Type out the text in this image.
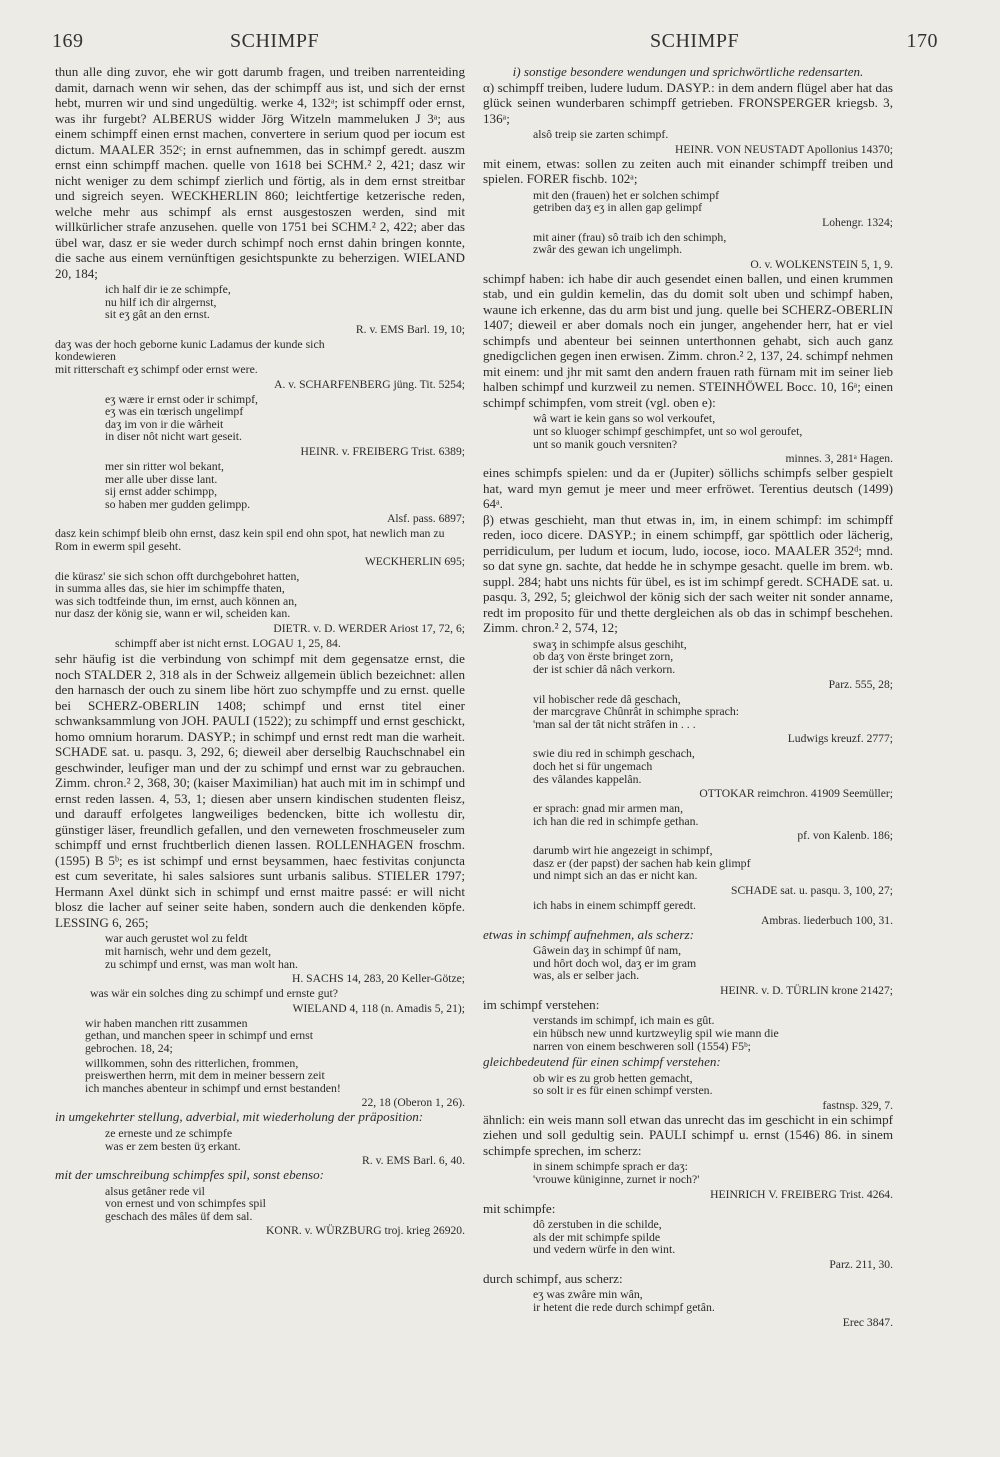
169	SCHIMPF	SCHIMPF	170

thun alle ding zuvor, ehe wir gott darumb fragen, und treiben narrenteiding damit, darnach wenn wir sehen, das der schimpff aus ist, und sich der ernst hebt, murren wir und sind ungedültig. werke 4, 132ᵃ; ist schimpff oder ernst, was ihr furgebt? ALBERUS widder Jörg Witzeln mammeluken J 3ᵃ; aus einem schimpff einen ernst machen, convertere in serium quod per iocum est dictum. MAALER 352ᶜ; in ernst aufnemmen, das in schimpf geredt. auszm ernst einn schimpff machen. quelle von 1618 bei SCHM.² 2, 421; dasz wir nicht weniger zu dem schimpf zierlich und förtig, als in dem ernst streitbar und sigreich seyen. WECKHERLIN 860; leichtfertige ketzerische reden, welche mehr aus schimpf als ernst ausgestoszen werden, sind mit willkürlicher strafe anzusehen. quelle von 1751 bei SCHM.² 2, 422; aber das übel war, dasz er sie weder durch schimpf noch ernst dahin bringen konnte, die sache aus einem vernünftigen gesichtspunkte zu beherzigen. WIELAND 20, 184;

ich half dir ie ze schimpfe,
nu hilf ich dir alrgernst,
sit eʒ gât an den ernst.
R. v. EMS Barl. 19, 10;
daʒ was der hoch geborne kunic Ladamus der kunde sich
kondewieren
mit ritterschaft eʒ schimpf oder ernst were.
A. v. SCHARFENBERG jüng. Tit. 5254;
eʒ wære ir ernst oder ir schimpf,
eʒ was ein tœrisch ungelimpf
daʒ im von ir die wârheit
in diser nôt nicht wart geseit.
HEINR. v. FREIBERG Trist. 6389;
mer sin ritter wol bekant,
mer alle uber disse lant.
sij ernst adder schimpp,
so haben mer gudden gelimpp.
Alsf. pass. 6897;
dasz kein schimpf bleib ohn ernst, dasz kein spil end ohn spot, hat newlich man zu Rom in ewerm spil geseht.
WECKHERLIN 695;
die kürasz' sie sich schon offt durchgebohret hatten,
in summa alles das, sie hier im schimpffe thaten,
was sich todtfeinde thun, im ernst, auch können an,
nur dasz der könig sie, wann er wil, scheiden kan.
DIETR. v. D. WERDER Ariost 17, 72, 6;
schimpff aber ist nicht ernst. LOGAU 1, 25, 84.

sehr häufig ist die verbindung von schimpf mit dem gegensatze ernst, die noch STALDER 2, 318 als in der Schweiz allgemein üblich bezeichnet: allen den harnasch der ouch zu sinem libe hört zuo schympffe und zu ernst. quelle bei SCHERZ-OBERLIN 1408; schimpf und ernst titel einer schwanksammlung von JOH. PAULI (1522); zu schimpff und ernst geschickt, homo omnium horarum. DASYP.; in schimpf und ernst redt man die warheit. SCHADE sat. u. pasqu. 3, 292, 6; dieweil aber derselbig Rauchschnabel ein geschwinder, leufiger man und der zu schimpf und ernst war zu gebrauchen. Zimm. chron.² 2, 368, 30; (kaiser Maximilian) hat auch mit im in schimpf und ernst reden lassen. 4, 53, 1; diesen aber unsern kindischen studenten fleisz, und darauff erfolgetes langweiliges bedencken, bitte ich wollestu dir, günstiger läser, freundlich gefallen, und den verneweten froschmeuseler zum schimpff und ernst fruchtberlich dienen lassen. ROLLENHAGEN froschm. (1595) B 5ᵇ; es ist schimpf und ernst beysammen, haec festivitas conjuncta est cum severitate, hi sales salsiores sunt urbanis salibus. STIELER 1797; Hermann Axel dünkt sich in schimpf und ernst maitre passé: er will nicht blosz die lacher auf seiner seite haben, sondern auch die denkenden köpfe. LESSING 6, 265;

war auch gerustet wol zu feldt
mit harnisch, wehr und dem gezelt,
zu schimpf und ernst, was man wolt han.
H. SACHS 14, 283, 20 Keller-Götze;
was wär ein solches ding zu schimpf und ernste gut?
WIELAND 4, 118 (n. Amadis 5, 21);
wir haben manchen ritt zusammen
gethan, und manchen speer in schimpf und ernst
gebrochen. 18, 24;
willkommen, sohn des ritterlichen, frommen,
preiswerthen herrn, mit dem in meiner bessern zeit
ich manches abenteur in schimpf und ernst bestanden!
22, 18 (Oberon 1, 26).

in umgekehrter stellung, adverbial, mit wiederholung der präposition:

ze erneste und ze schimpfe
was er zem besten üʒ erkant.
R. v. EMS Barl. 6, 40.

mit der umschreibung schimpfes spil, sonst ebenso:

alsus getâner rede vil
von ernest und von schimpfes spil
geschach des mâles üf dem sal.
KONR. v. WÜRZBURG troj. krieg 26920.

i) sonstige besondere wendungen und sprichwörtliche redensarten.

α) schimpff treiben, ludere ludum. DASYP.: in dem andern flügel aber hat das glück seinen wunderbaren schimpff getrieben. FRONSPERGER kriegsb. 3, 136ᵃ;

alsô treip sie zarten schimpf.
HEINR. VON NEUSTADT Apollonius 14370;

mit einem, etwas: sollen zu zeiten auch mit einander schimpff treiben und spielen. FORER fischb. 102ᵃ;

mit den (frauen) het er solchen schimpf
getriben daʒ eʒ in allen gap gelimpf
Lohengr. 1324;
mit ainer (frau) sô traib ich den schimph,
zwâr des gewan ich ungelimph.
O. v. WOLKENSTEIN 5, 1, 9.

schimpf haben: ich habe dir auch gesendet einen ballen, und einen krummen stab, und ein guldin kemelin, das du domit solt uben und schimpf haben, waune ich erkenne, das du arm bist und jung. quelle bei SCHERZ-OBERLIN 1407; dieweil er aber domals noch ein junger, angehender herr, hat er viel schimpfs und abenteur bei seinnen unterthonnen gehabt, sich auch ganz gnedigclichen gegen inen erwisen. Zimm. chron.² 2, 137, 24. schimpf nehmen mit einem: und jhr mit samt den andern frauen rath fürnam mit im seiner lieb halben schimpf und kurzweil zu nemen. STEINHÖWEL Bocc. 10, 16ᵃ; einen schimpf schimpfen, vom streit (vgl. oben e):

wâ wart ie kein gans so wol verkoufet,
unt so kluoger schimpf geschimpfet, unt so wol geroufet,
unt so manik gouch versniten?
minnes. 3, 281ᵃ Hagen.

eines schimpfs spielen: und da er (Jupiter) söllichs schimpfs selber gespielt hat, ward myn gemut je meer und meer erfröwet. Terentius deutsch (1499) 64ᵃ.

β) etwas geschieht, man thut etwas in, im, in einem schimpf: im schimpff reden, ioco dicere. DASYP.; in einem schimpff, gar spöttlich oder lächerig, perridiculum, per ludum et iocum, ludo, iocose, ioco. MAALER 352ᵈ; mnd. so dat syne gn. sachte, dat hedde he in schympe gesacht. quelle im brem. wb. suppl. 284; habt uns nichts für übel, es ist im schimpf geredt. SCHADE sat. u. pasqu. 3, 292, 5; gleichwol der könig sich der sach weiter nit sonder anname, redt im proposito für und thette dergleichen als ob das in schimpf beschehen. Zimm. chron.² 2, 574, 12;

swaʒ in schimpfe alsus geschiht,
ob daʒ von ërste bringet zorn,
der ist schier dâ nâch verkorn.
Parz. 555, 28;
vil hobischer rede dâ geschach,
der marcgrave Chûnrât in schimphe sprach:
'man sal der tât nicht strâfen in . . .
Ludwigs kreuzf. 2777;
swie diu red in schimph geschach,
doch het si für ungemach
des vâlandes kappelân.
OTTOKAR reimchron. 41909 Seemüller;
er sprach: gnad mir armen man,
ich han die red in schimpfe gethan.
pf. von Kalenb. 186;
darumb wirt hie angezeigt in schimpf,
dasz er (der papst) der sachen hab kein glimpf
und nimpt sich an das er nicht kan.
SCHADE sat. u. pasqu. 3, 100, 27;
ich habs in einem schimpff geredt.
Ambras. liederbuch 100, 31.

etwas in schimpf aufnehmen, als scherz:

Gâwein daʒ in schimpf ûf nam,
und hôrt doch wol, daʒ er im gram
was, als er selber jach.
HEINR. v. D. TÜRLIN krone 21427;

im schimpf verstehen:

verstands im schimpf, ich main es gût.
ein hübsch new unnd kurtzweylig spil wie mann die
narren von einem beschweren soll (1554) F5ᵇ;

gleichbedeutend für einen schimpf verstehen:

ob wir es zu grob hetten gemacht,
so solt ir es für einen schimpf versten.
fastnsp. 329, 7.

ähnlich: ein weis mann soll etwan das unrecht das im geschicht in ein schimpf ziehen und soll gedultig sein. PAULI schimpf u. ernst (1546) 86. in sinem schimpfe sprechen, im scherz:

in sinem schimpfe sprach er daʒ:
'vrouwe küniginne, zurnet ir noch?'
HEINRICH V. FREIBERG Trist. 4264.

mit schimpfe:

dô zerstuben in die schilde,
als der mit schimpfe spilde
und vedern würfe in den wint.
Parz. 211, 30.

durch schimpf, aus scherz:

eʒ was zwâre min wân,
ir hetent die rede durch schimpf getân.
Erec 3847.
